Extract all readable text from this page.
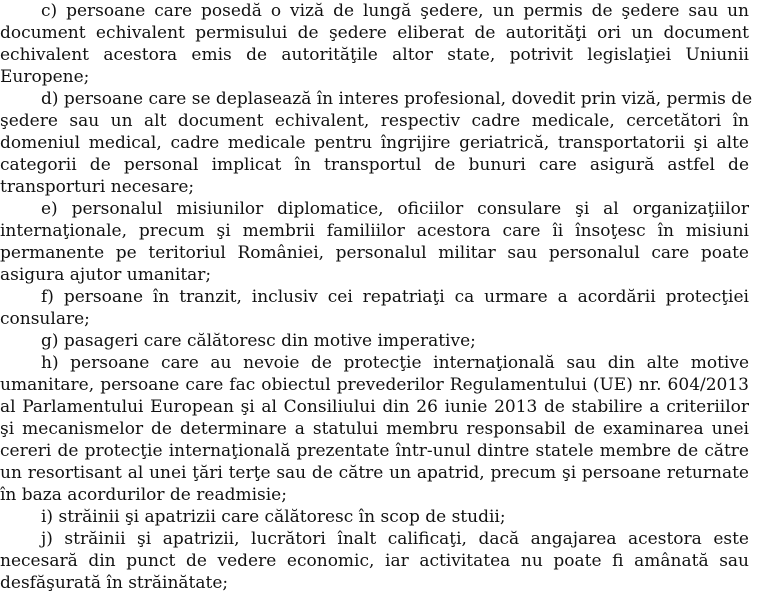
c) persoane care posedă o viză de lungă şedere, un permis de şedere sau un
document echivalent permisului de şedere eliberat de autorităţi ori un document
echivalent acestora emis de autorităţile altor state, potrivit legislaţiei Uniunii
Europene;
d) persoane care se deplasează în interes profesional, dovedit prin viză, permis de
şedere sau un alt document echivalent, respectiv cadre medicale, cercetători în
domeniul medical, cadre medicale pentru îngrijire geriatrică, transportatorii şi alte
categorii de personal implicat în transportul de bunuri care asigură astfel de
transporturi necesare;
e) personalul misiunilor diplomatice, oficiilor consulare şi al organizaţiilor
internaţionale, precum şi membrii familiilor acestora care îi însoţesc în misiuni
permanente pe teritoriul României, personalul militar sau personalul care poate
asigura ajutor umanitar;
f) persoane în tranzit, inclusiv cei repatriaţi ca urmare a acordării protecţiei
consulare;
g) pasageri care călătoresc din motive imperative;
h) persoane care au nevoie de protecţie internaţională sau din alte motive
umanitare, persoane care fac obiectul prevederilor Regulamentului (UE) nr. 604/2013
al Parlamentului European şi al Consiliului din 26 iunie 2013 de stabilire a criteriilor
şi mecanismelor de determinare a statului membru responsabil de examinarea unei
cereri de protecţie internaţională prezentate într-unul dintre statele membre de către
un resortisant al unei ţări terţe sau de către un apatrid, precum şi persoane returnate
în baza acordurilor de readmisie;
i) străinii şi apatrizii care călătoresc în scop de studii;
j) străinii şi apatrizii, lucrători înalt calificaţi, dacă angajarea acestora este
necesară din punct de vedere economic, iar activitatea nu poate fi amânată sau
desfăşurată în străinătate;
